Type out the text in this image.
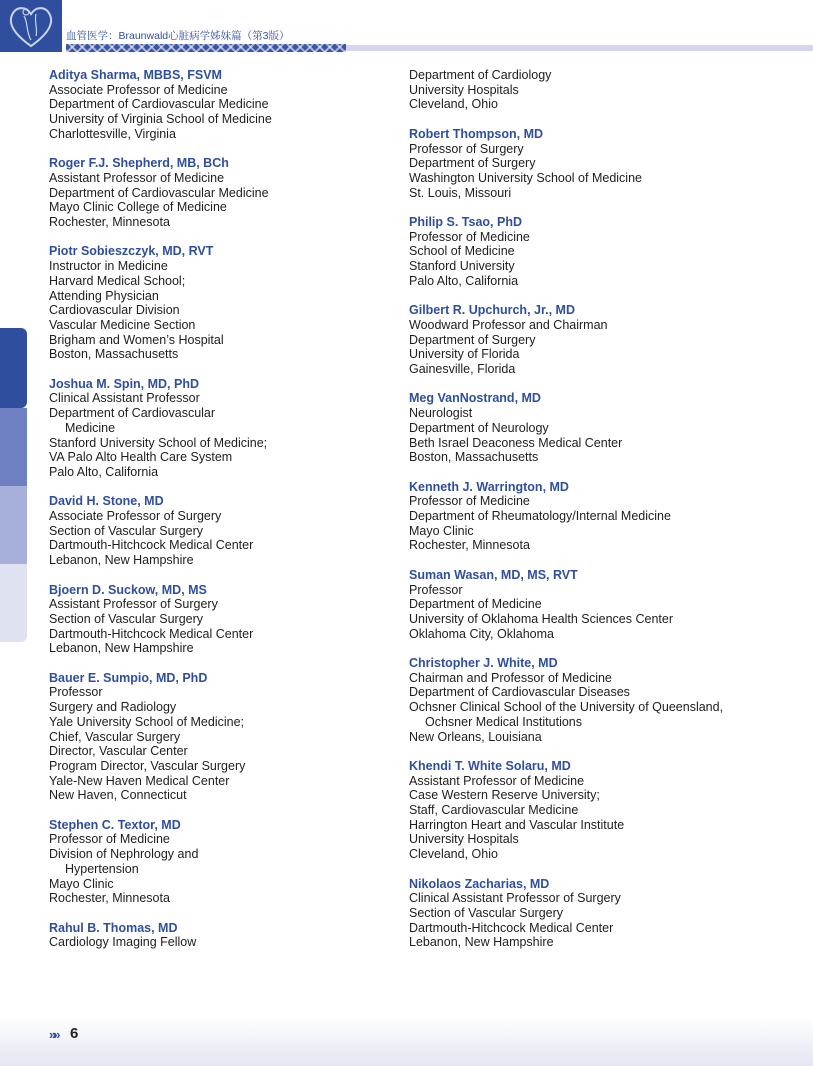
血管医学：Braunwald心脏病学姊妹篇（第3版）
Aditya Sharma, MBBS, FSVM
Associate Professor of Medicine
Department of Cardiovascular Medicine
University of Virginia School of Medicine
Charlottesville, Virginia
Roger F.J. Shepherd, MB, BCh
Assistant Professor of Medicine
Department of Cardiovascular Medicine
Mayo Clinic College of Medicine
Rochester, Minnesota
Piotr Sobieszczyk, MD, RVT
Instructor in Medicine
Harvard Medical School;
Attending Physician
Cardiovascular Division
Vascular Medicine Section
Brigham and Women’s Hospital
Boston, Massachusetts
Joshua M. Spin, MD, PhD
Clinical Assistant Professor
Department of Cardiovascular
Medicine
Stanford University School of Medicine;
VA Palo Alto Health Care System
Palo Alto, California
David H. Stone, MD
Associate Professor of Surgery
Section of Vascular Surgery
Dartmouth-Hitchcock Medical Center
Lebanon, New Hampshire
Bjoern D. Suckow, MD, MS
Assistant Professor of Surgery
Section of Vascular Surgery
Dartmouth-Hitchcock Medical Center
Lebanon, New Hampshire
Bauer E. Sumpio, MD, PhD
Professor
Surgery and Radiology
Yale University School of Medicine;
Chief, Vascular Surgery
Director, Vascular Center
Program Director, Vascular Surgery
Yale-New Haven Medical Center
New Haven, Connecticut
Stephen C. Textor, MD
Professor of Medicine
Division of Nephrology and
Hypertension
Mayo Clinic
Rochester, Minnesota
Rahul B. Thomas, MD
Cardiology Imaging Fellow
Department of Cardiology
University Hospitals
Cleveland, Ohio
Robert Thompson, MD
Professor of Surgery
Department of Surgery
Washington University School of Medicine
St. Louis, Missouri
Philip S. Tsao, PhD
Professor of Medicine
School of Medicine
Stanford University
Palo Alto, California
Gilbert R. Upchurch, Jr., MD
Woodward Professor and Chairman
Department of Surgery
University of Florida
Gainesville, Florida
Meg VanNostrand, MD
Neurologist
Department of Neurology
Beth Israel Deaconess Medical Center
Boston, Massachusetts
Kenneth J. Warrington, MD
Professor of Medicine
Department of Rheumatology/Internal Medicine
Mayo Clinic
Rochester, Minnesota
Suman Wasan, MD, MS, RVT
Professor
Department of Medicine
University of Oklahoma Health Sciences Center
Oklahoma City, Oklahoma
Christopher J. White, MD
Chairman and Professor of Medicine
Department of Cardiovascular Diseases
Ochsner Clinical School of the University of Queensland,
Ochsner Medical Institutions
New Orleans, Louisiana
Khendi T. White Solaru, MD
Assistant Professor of Medicine
Case Western Reserve University;
Staff, Cardiovascular Medicine
Harrington Heart and Vascular Institute
University Hospitals
Cleveland, Ohio
Nikolaos Zacharias, MD
Clinical Assistant Professor of Surgery
Section of Vascular Surgery
Dartmouth-Hitchcock Medical Center
Lebanon, New Hampshire
»» 6
